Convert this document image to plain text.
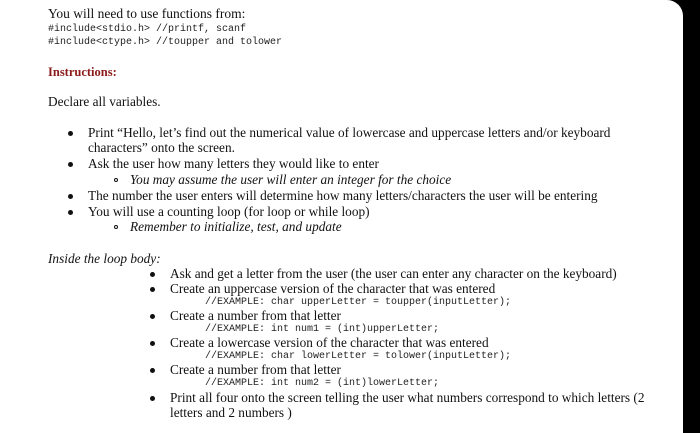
You will need to use functions from:
#include<stdio.h> //printf, scanf
#include<ctype.h> //toupper and tolower
Instructions:
Declare all variables.
Print “Hello, let’s find out the numerical value of lowercase and uppercase letters and/or keyboard
characters” onto the screen.
Ask the user how many letters they would like to enter
You may assume the user will enter an integer for the choice
The number the user enters will determine how many letters/characters the user will be entering
You will use a counting loop (for loop or while loop)
Remember to initialize, test, and update
Inside the loop body:
Ask and get a letter from the user (the user can enter any character on the keyboard)
Create an uppercase version of the character that was entered
//EXAMPLE: char upperLetter = toupper(inputLetter);
Create a number from that letter
//EXAMPLE: int num1 = (int)upperLetter;
Create a lowercase version of the character that was entered
//EXAMPLE: char lowerLetter = tolower(inputLetter);
Create a number from that letter
//EXAMPLE: int num2 = (int)lowerLetter;
Print all four onto the screen telling the user what numbers correspond to which letters (2
letters and 2 numbers )
